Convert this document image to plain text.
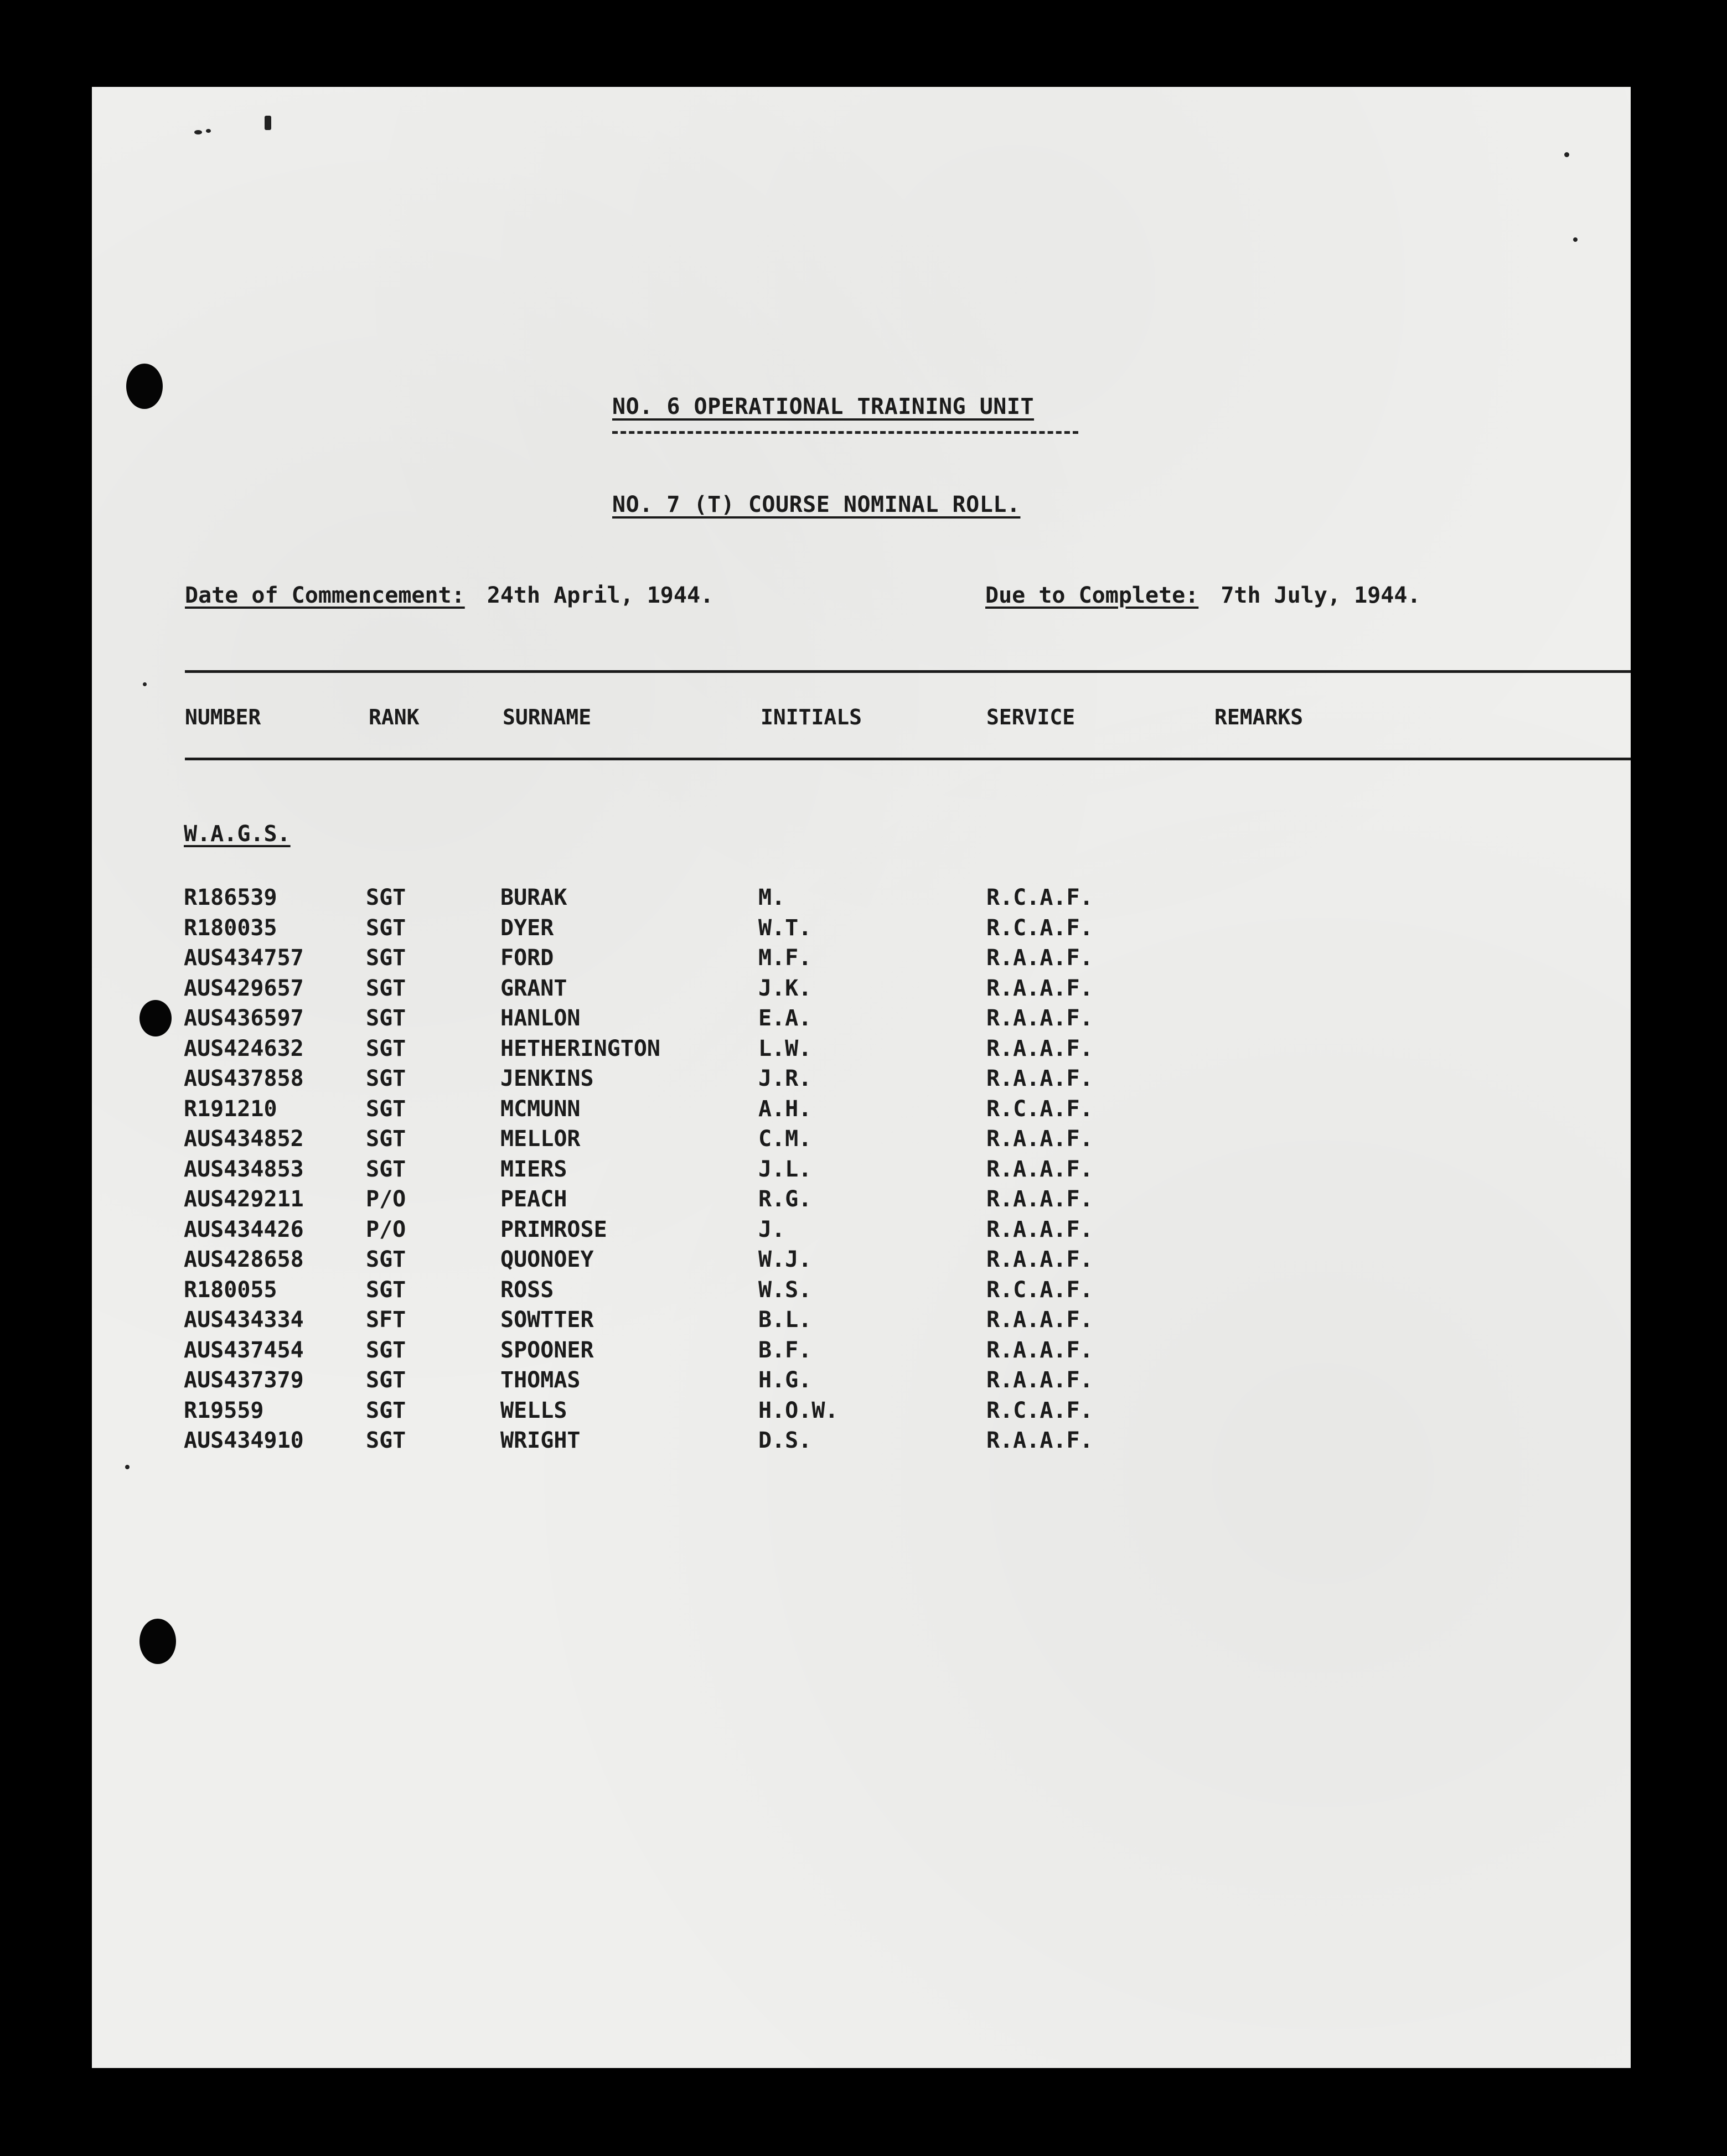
NO. 6 OPERATIONAL TRAINING UNIT
NO. 7 (T) COURSE NOMINAL ROLL.
Date of Commencement: 24th April, 1944.	Due to Complete: 7th July, 1944.
NUMBER	RANK	SURNAME	INITIALS	SERVICE	REMARKS
W.A.G.S.
R186539	SGT	BURAK	M.	R.C.A.F.
R180035	SGT	DYER	W.T.	R.C.A.F.
AUS434757	SGT	FORD	M.F.	R.A.A.F.
AUS429657	SGT	GRANT	J.K.	R.A.A.F.
AUS436597	SGT	HANLON	E.A.	R.A.A.F.
AUS424632	SGT	HETHERINGTON	L.W.	R.A.A.F.
AUS437858	SGT	JENKINS	J.R.	R.A.A.F.
R191210	SGT	MCMUNN	A.H.	R.C.A.F.
AUS434852	SGT	MELLOR	C.M.	R.A.A.F.
AUS434853	SGT	MIERS	J.L.	R.A.A.F.
AUS429211	P/O	PEACH	R.G.	R.A.A.F.
AUS434426	P/O	PRIMROSE	J.	R.A.A.F.
AUS428658	SGT	QUONOEY	W.J.	R.A.A.F.
R180055	SGT	ROSS	W.S.	R.C.A.F.
AUS434334	SFT	SOWTTER	B.L.	R.A.A.F.
AUS437454	SGT	SPOONER	B.F.	R.A.A.F.
AUS437379	SGT	THOMAS	H.G.	R.A.A.F.
R19559	SGT	WELLS	H.O.W.	R.C.A.F.
AUS434910	SGT	WRIGHT	D.S.	R.A.A.F.
